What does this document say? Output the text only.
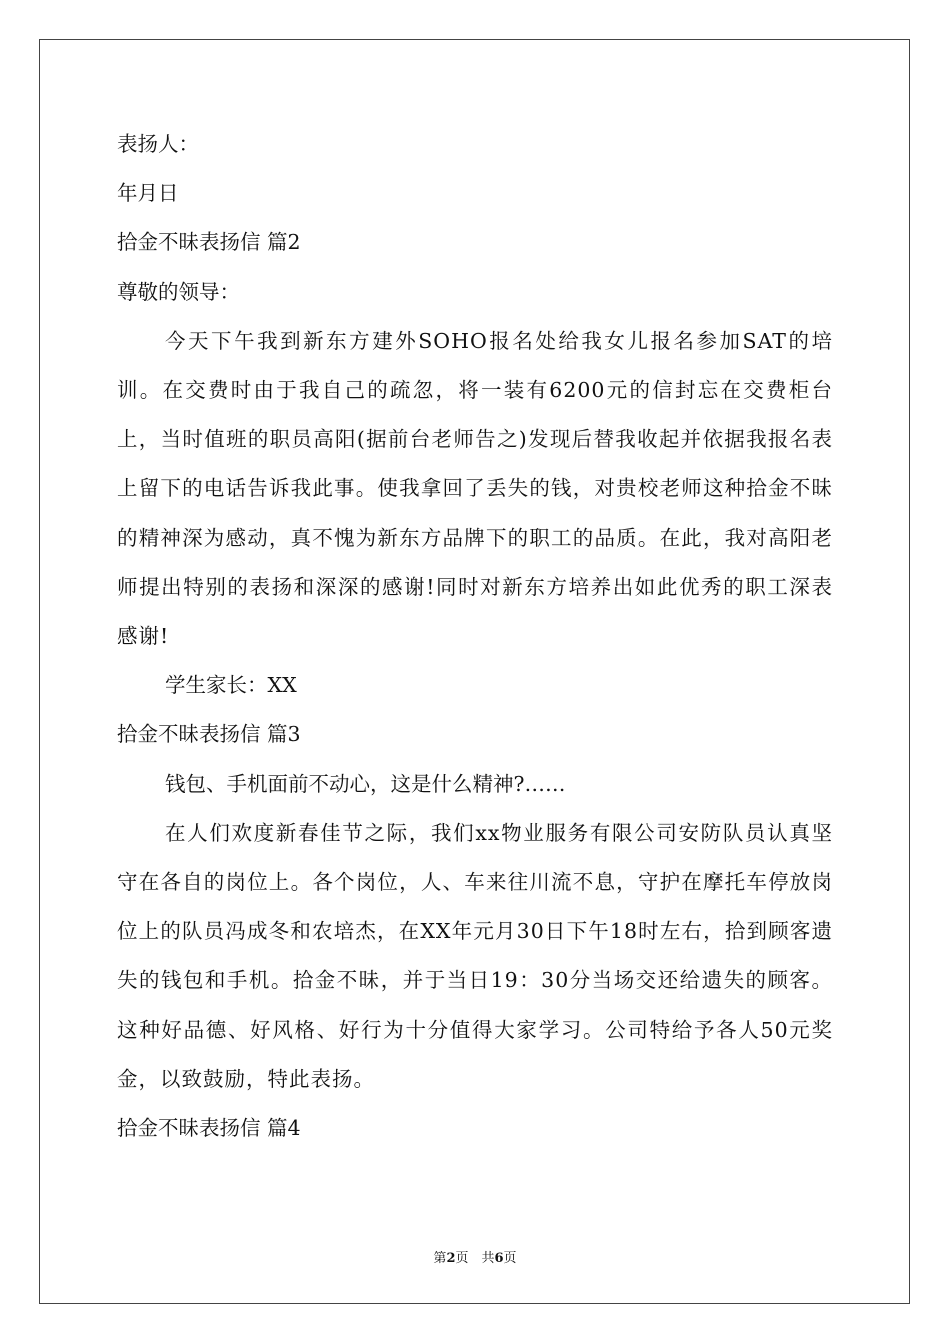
表扬人：
年月日
拾金不昧表扬信 篇2
尊敬的领导：

今天下午我到新东方建外SOHO报名处给我女儿报名参加SAT的培训。在交费时由于我自己的疏忽，将一装有6200元的信封忘在交费柜台上，当时值班的职员高阳(据前台老师告之)发现后替我收起并依据我报名表上留下的电话告诉我此事。使我拿回了丢失的钱，对贵校老师这种拾金不昧的精神深为感动，真不愧为新东方品牌下的职工的品质。在此，我对高阳老师提出特别的表扬和深深的感谢!同时对新东方培养出如此优秀的职工深表感谢!

学生家长：XX
拾金不昧表扬信 篇3
钱包、手机面前不动心，这是什么精神?……

在人们欢度新春佳节之际，我们xx物业服务有限公司安防队员认真坚守在各自的岗位上。各个岗位，人、车来往川流不息，守护在摩托车停放岗位上的队员冯成冬和农培杰，在XX年元月30日下午18时左右，拾到顾客遗失的钱包和手机。拾金不昧，并于当日19：30分当场交还给遗失的顾客。这种好品德、好风格、好行为十分值得大家学习。公司特给予各人50元奖金，以致鼓励，特此表扬。

拾金不昧表扬信 篇4
第2页　共6页
